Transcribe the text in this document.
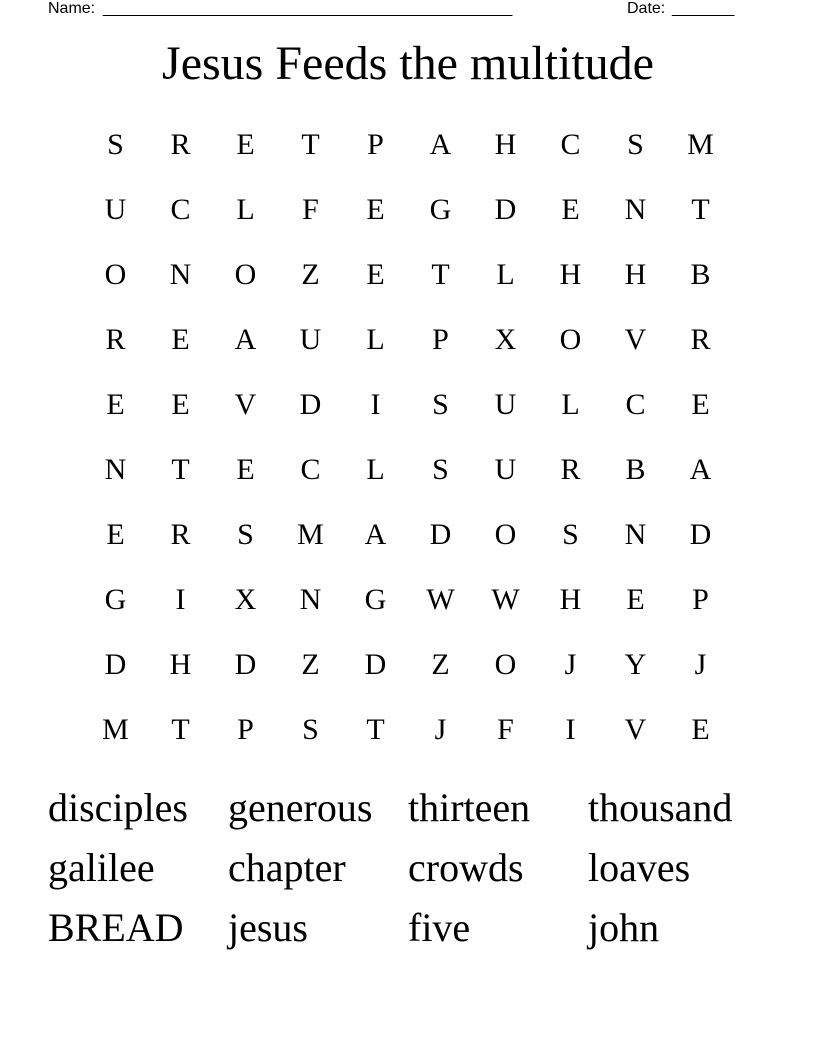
Name: ______________________________________________	Date: _______
Jesus Feeds the multitude
S	R	E	T	P	A	H	C	S	M
U	C	L	F	E	G	D	E	N	T
O	N	O	Z	E	T	L	H	H	B
R	E	A	U	L	P	X	O	V	R
E	E	V	D	I	S	U	L	C	E
N	T	E	C	L	S	U	R	B	A
E	R	S	M	A	D	O	S	N	D
G	I	X	N	G	W	W	H	E	P
D	H	D	Z	D	Z	O	J	Y	J
M	T	P	S	T	J	F	I	V	E
disciples	generous thirteen	thousand
galilee	chapter	crowds	loaves
BREAD	jesus	five	john
